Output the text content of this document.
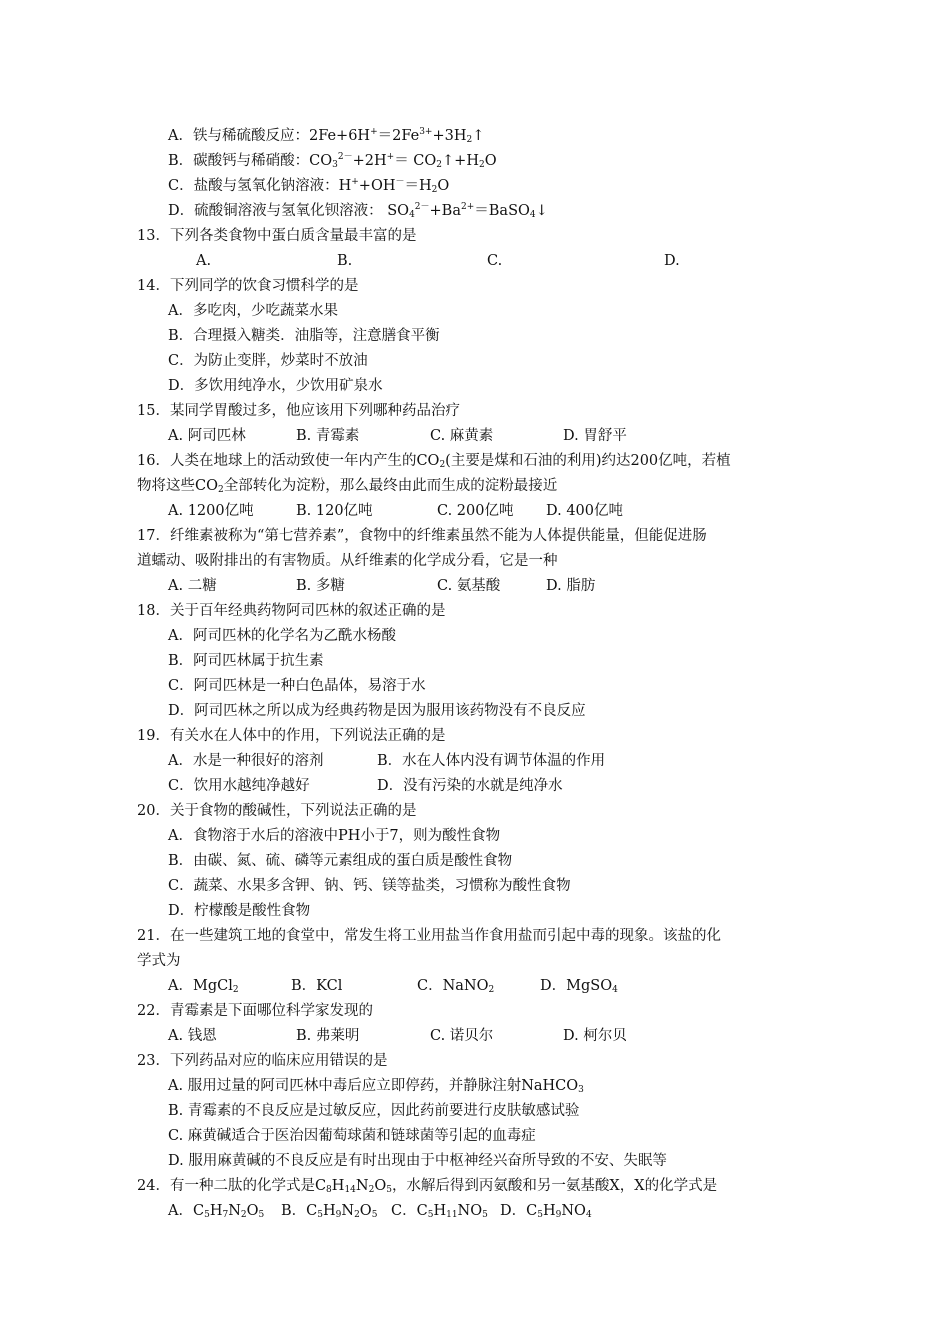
A．铁与稀硫酸反应：$2Fe+6H^+=2Fe^{3+}+3H_2↑$
B．碳酸钙与稀硝酸：$CO_3^{2-}+2H^+=$ $CO_2↑+H_2O$
C．盐酸与氢氧化钠溶液：$H^++OH^-=H_2O$
D．硫酸铜溶液与氢氧化钡溶液： $SO_4^{2-}+Ba^{2+}=BaSO_4↓$
13．下列各类食物中蛋白质含量最丰富的是
A.	B.	C.	D.
14．下列同学的饮食习惯科学的是
A．多吃肉，少吃蔬菜水果
B．合理摄入糖类．油脂等，注意膳食平衡
C．为防止变胖，炒菜时不放油
D．多饮用纯净水，少饮用矿泉水
15．某同学胃酸过多，他应该用下列哪种药品治疗
A. 阿司匹林	B. 青霉素	C. 麻黄素	D. 胃舒平
16．人类在地球上的活动致使一年内产生的$CO_2$(主要是煤和石油的利用)约达200亿吨，若植
物将这些$CO_2$全部转化为淀粉，那么最终由此而生成的淀粉最接近
A. 1200亿吨	B. 120亿吨	C. 200亿吨 D. 400亿吨
17．纤维素被称为“第七营养素”，食物中的纤维素虽然不能为人体提供能量，但能促进肠
道蠕动、吸附排出的有害物质。从纤维素的化学成分看，它是一种
A. 二糖	B. 多糖	C. 氨基酸	D. 脂肪
18．关于百年经典药物阿司匹林的叙述正确的是
A．阿司匹林的化学名为乙酰水杨酸
B．阿司匹林属于抗生素
C．阿司匹林是一种白色晶体，易溶于水
D．阿司匹林之所以成为经典药物是因为服用该药物没有不良反应
19．有关水在人体中的作用，下列说法正确的是
A．水是一种很好的溶剂	B．水在人体内没有调节体温的作用
C．饮用水越纯净越好	D．没有污染的水就是纯净水
20．关于食物的酸碱性，下列说法正确的是
A．食物溶于水后的溶液中PH小于7，则为酸性食物
B．由碳、氮、硫、磷等元素组成的蛋白质是酸性食物
C．蔬菜、水果多含钾、钠、钙、镁等盐类，习惯称为酸性食物
D．柠檬酸是酸性食物
21．在一些建筑工地的食堂中，常发生将工业用盐当作食用盐而引起中毒的现象。该盐的化
学式为
A．MgCl$_2$	B．KCl	C．NaNO$_2$	D．MgSO$_4$
22．青霉素是下面哪位科学家发现的
A. 钱恩	B. 弗莱明	C. 诺贝尔	D. 柯尔贝
23．下列药品对应的临床应用错误的是
A. 服用过量的阿司匹林中毒后应立即停药，并静脉注射NaHCO$_3$
B. 青霉素的不良反应是过敏反应，因此药前要进行皮肤敏感试验
C. 麻黄碱适合于医治因葡萄球菌和链球菌等引起的血毒症
D. 服用麻黄碱的不良反应是有时出现由于中枢神经兴奋所导致的不安、失眠等
24．有一种二肽的化学式是$C_8H_{14}N_2O_5$，水解后得到丙氨酸和另一氨基酸X，X的化学式是
A．$C_5H_7N_2O_5$ B．$C_5H_9N_2O_5$ C．$C_5H_{11}NO_5$ D．$C_5H_9NO_4$
